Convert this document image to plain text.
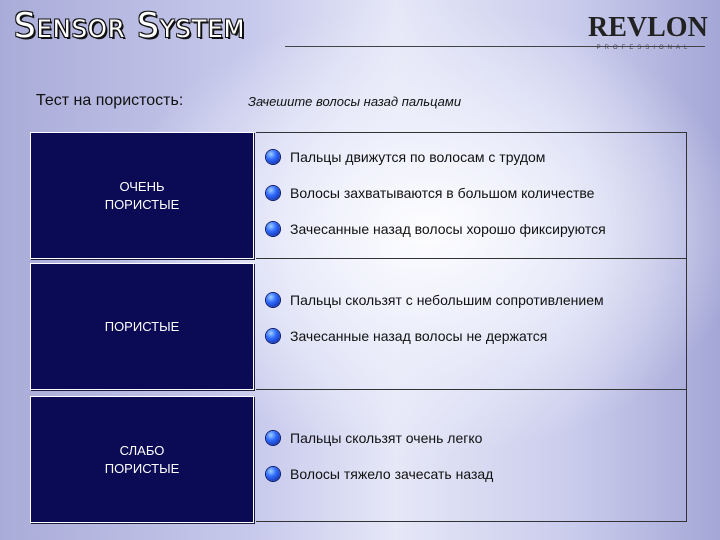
Sensor System	REVLON
PROFESSIONAL
Тест на пористость:	Зачешите волосы назад пальцами
ОЧЕНЬ
ПОРИСТЫЕ
ПОРИСТЫЕ
СЛАБО
ПОРИСТЫЕ
Пальцы движутся по волосам с трудом
Волосы захватываются в большом количестве
Зачесанные назад волосы хорошо фиксируются
Пальцы скользят с небольшим сопротивлением
Зачесанные назад волосы не держатся
Пальцы скользят очень легко
Волосы тяжело зачесать назад
